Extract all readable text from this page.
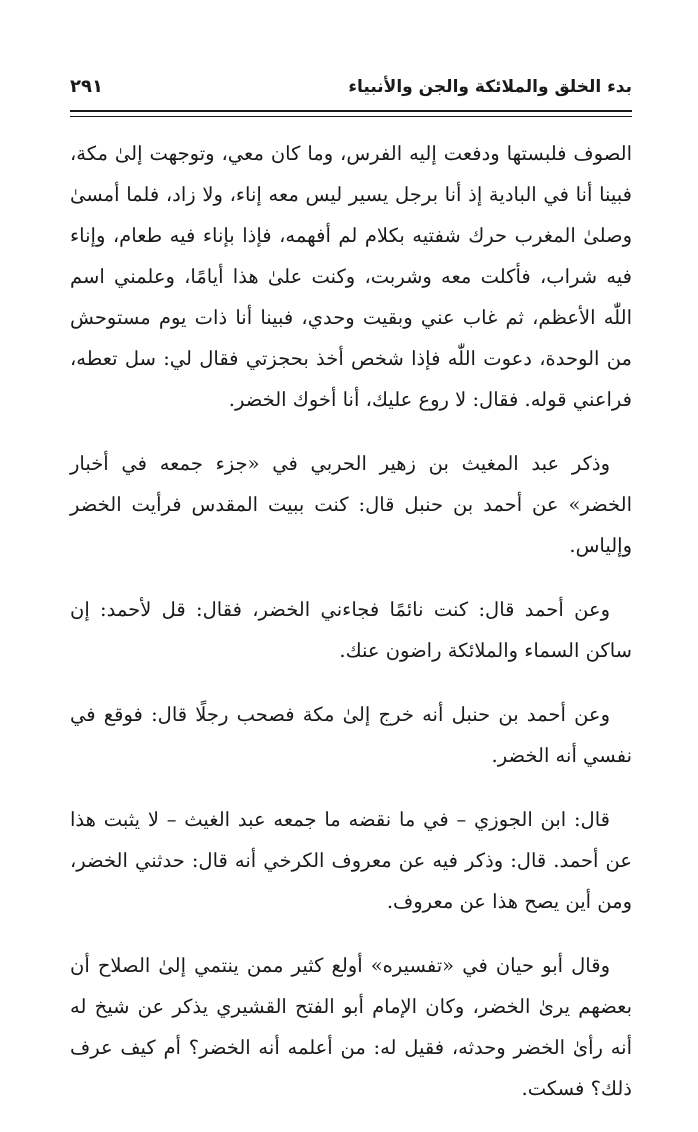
بدء الخلق والملائكة والجن والأنبياء
٢٩١

الصوف فلبستها ودفعت إليه الفرس، وما كان معي، وتوجهت إلىٰ مكة، فبينا أنا في البادية إذ أنا برجل يسير ليس معه إناء، ولا زاد، فلما أمسىٰ وصلىٰ المغرب حرك شفتيه بكلام لم أفهمه، فإذا بإناء فيه طعام، وإناء فيه شراب، فأكلت معه وشربت، وكنت علىٰ هذا أيامًا، وعلمني اسم اللّٰه الأعظم، ثم غاب عني وبقيت وحدي، فبينا أنا ذات يوم مستوحش من الوحدة، دعوت اللّٰه فإذا شخص أخذ بحجزتي فقال لي: سل تعطه، فراعني قوله. فقال: لا روع عليك، أنا أخوك الخضر.

وذكر عبد المغيث بن زهير الحربي في «جزء جمعه في أخبار الخضر» عن أحمد بن حنبل قال: كنت ببيت المقدس فرأيت الخضر وإلياس.

وعن أحمد قال: كنت نائمًا فجاءني الخضر، فقال: قل لأحمد: إن ساكن السماء والملائكة راضون عنك.

وعن أحمد بن حنبل أنه خرج إلىٰ مكة فصحب رجلًا قال: فوقع في نفسي أنه الخضر.

قال: ابن الجوزي – في ما نقضه ما جمعه عبد الغيث – لا يثبت هذا عن أحمد. قال: وذكر فيه عن معروف الكرخي أنه قال: حدثني الخضر، ومن أين يصح هذا عن معروف.

وقال أبو حيان في «تفسيره» أولع كثير ممن ينتمي إلىٰ الصلاح أن بعضهم يرىٰ الخضر، وكان الإمام أبو الفتح القشيري يذكر عن شيخ له أنه رأىٰ الخضر وحدثه، فقيل له: من أعلمه أنه الخضر؟ أم كيف عرف ذلك؟ فسكت.
